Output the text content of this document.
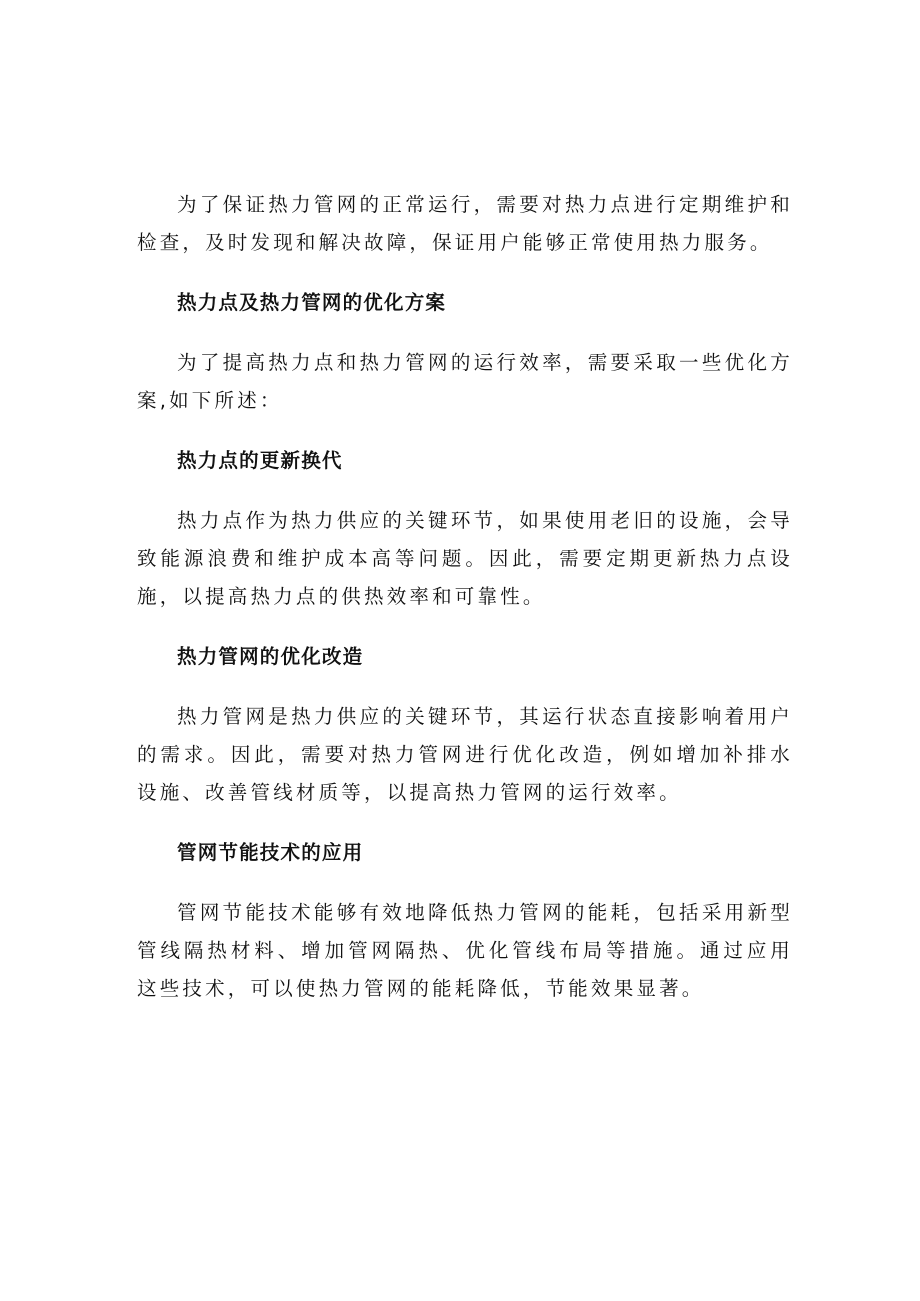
为了保证热力管网的正常运行，需要对热力点进行定期维护和检查，及时发现和解决故障，保证用户能够正常使用热力服务。

热力点及热力管网的优化方案

为了提高热力点和热力管网的运行效率，需要采取一些优化方案,如下所述：

热力点的更新换代

热力点作为热力供应的关键环节，如果使用老旧的设施，会导致能源浪费和维护成本高等问题。因此，需要定期更新热力点设施，以提高热力点的供热效率和可靠性。

热力管网的优化改造

热力管网是热力供应的关键环节，其运行状态直接影响着用户的需求。因此，需要对热力管网进行优化改造，例如增加补排水设施、改善管线材质等，以提高热力管网的运行效率。

管网节能技术的应用

管网节能技术能够有效地降低热力管网的能耗，包括采用新型管线隔热材料、增加管网隔热、优化管线布局等措施。通过应用这些技术，可以使热力管网的能耗降低，节能效果显著。
